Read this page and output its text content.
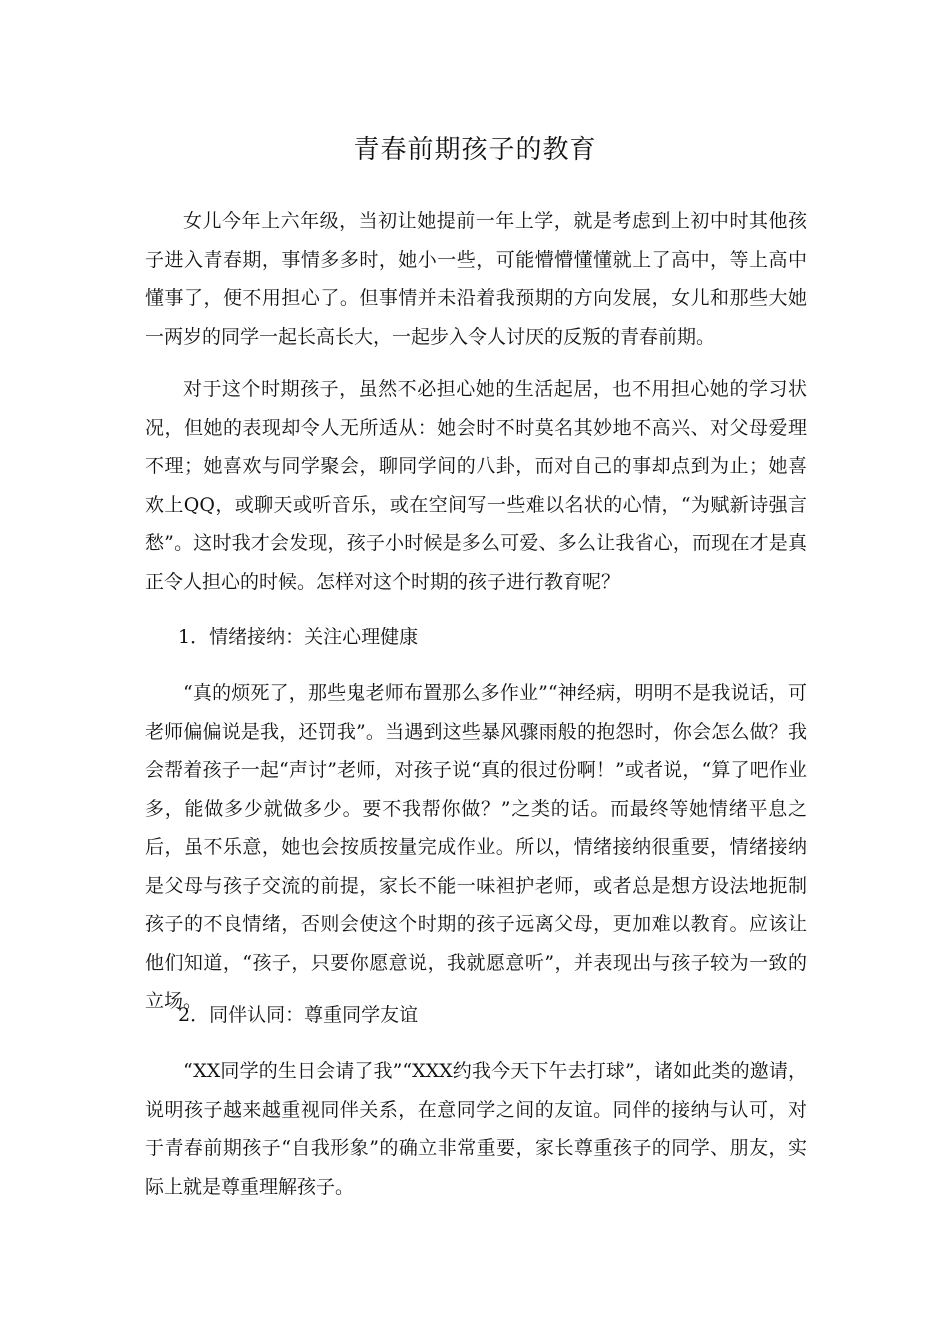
青春前期孩子的教育

女儿今年上六年级，当初让她提前一年上学，就是考虑到上初中时其他孩子进入青春期，事情多多时，她小一些，可能懵懵懂懂就上了高中，等上高中懂事了，便不用担心了。但事情并未沿着我预期的方向发展，女儿和那些大她一两岁的同学一起长高长大，一起步入令人讨厌的反叛的青春前期。

对于这个时期孩子，虽然不必担心她的生活起居，也不用担心她的学习状况，但她的表现却令人无所适从：她会时不时莫名其妙地不高兴、对父母爱理不理；她喜欢与同学聚会，聊同学间的八卦，而对自己的事却点到为止；她喜欢上QQ，或聊天或听音乐，或在空间写一些难以名状的心情，“为赋新诗强言愁”。这时我才会发现，孩子小时候是多么可爱、多么让我省心，而现在才是真正令人担心的时候。怎样对这个时期的孩子进行教育呢？

1．情绪接纳：关注心理健康

“真的烦死了，那些鬼老师布置那么多作业”“神经病，明明不是我说话，可老师偏偏说是我，还罚我”。当遇到这些暴风骤雨般的抱怨时，你会怎么做？我会帮着孩子一起“声讨”老师，对孩子说“真的很过份啊！”或者说，“算了吧作业多，能做多少就做多少。要不我帮你做？”之类的话。而最终等她情绪平息之后，虽不乐意，她也会按质按量完成作业。所以，情绪接纳很重要，情绪接纳是父母与孩子交流的前提，家长不能一味袒护老师，或者总是想方设法地扼制孩子的不良情绪，否则会使这个时期的孩子远离父母，更加难以教育。应该让他们知道，“孩子，只要你愿意说，我就愿意听”，并表现出与孩子较为一致的立场。

2．同伴认同：尊重同学友谊

“XX同学的生日会请了我”“XXX约我今天下午去打球”，诸如此类的邀请，说明孩子越来越重视同伴关系，在意同学之间的友谊。同伴的接纳与认可，对于青春前期孩子“自我形象”的确立非常重要，家长尊重孩子的同学、朋友，实际上就是尊重理解孩子。
